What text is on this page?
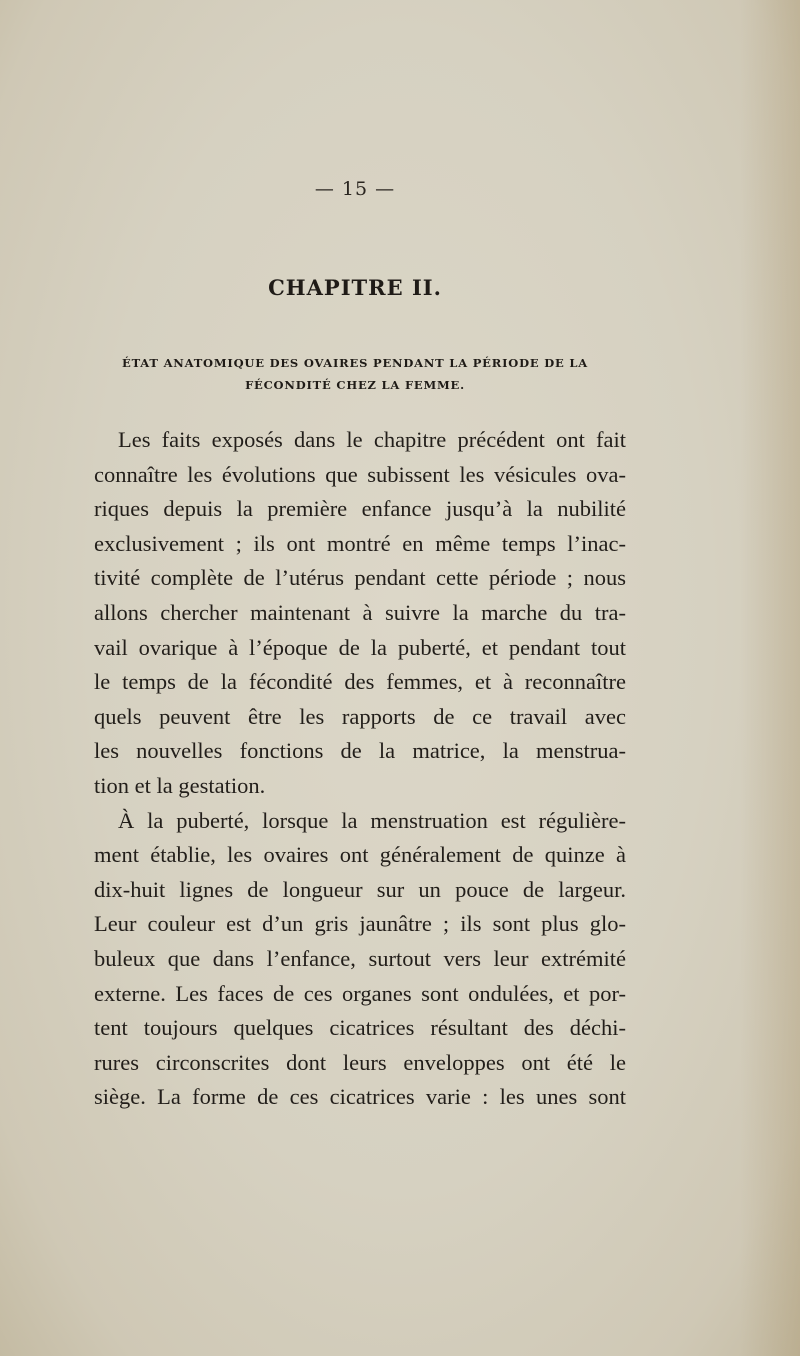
— 15 —
CHAPITRE II.
ÉTAT ANATOMIQUE DES OVAIRES PENDANT LA PÉRIODE DE LA
FÉCONDITÉ CHEZ LA FEMME.
Les faits exposés dans le chapitre précédent ont fait
connaître les évolutions que subissent les vésicules ova-
riques depuis la première enfance jusqu’à la nubilité
exclusivement ; ils ont montré en même temps l’inac-
tivité complète de l’utérus pendant cette période ; nous
allons chercher maintenant à suivre la marche du tra-
vail ovarique à l’époque de la puberté, et pendant tout
le temps de la fécondité des femmes, et à reconnaître
quels peuvent être les rapports de ce travail avec
les nouvelles fonctions de la matrice, la menstrua-
tion et la gestation.
À la puberté, lorsque la menstruation est régulière-
ment établie, les ovaires ont généralement de quinze à
dix-huit lignes de longueur sur un pouce de largeur.
Leur couleur est d’un gris jaunâtre ; ils sont plus glo-
buleux que dans l’enfance, surtout vers leur extrémité
externe. Les faces de ces organes sont ondulées, et por-
tent toujours quelques cicatrices résultant des déchi-
rures circonscrites dont leurs enveloppes ont été le
siège. La forme de ces cicatrices varie : les unes sont
